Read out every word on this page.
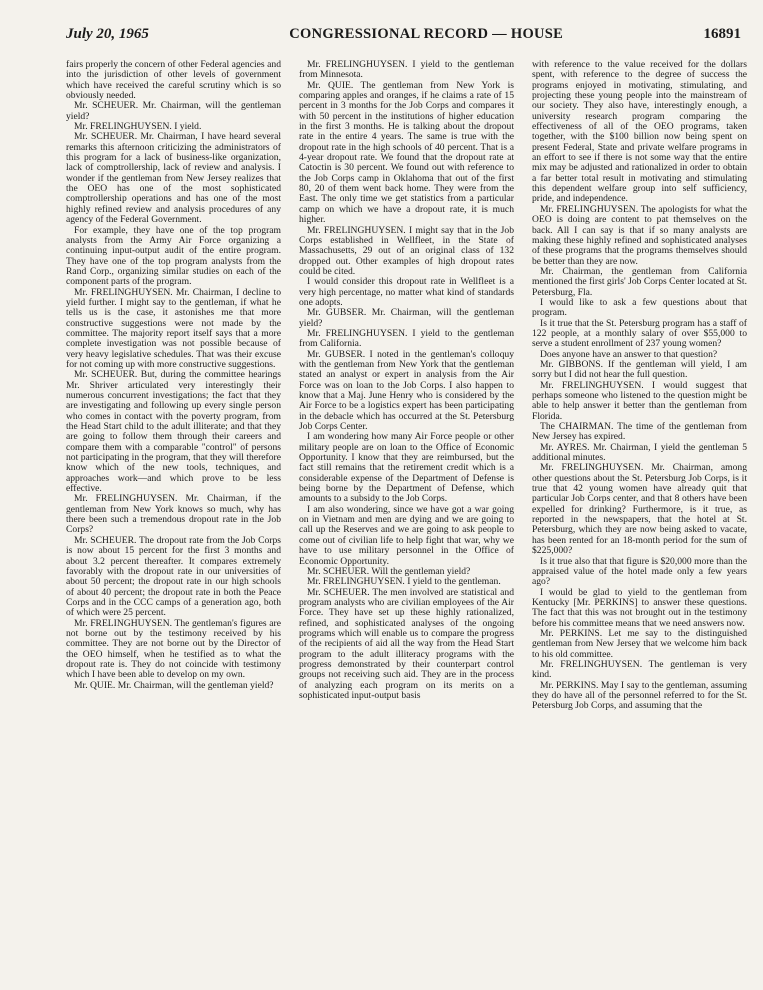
July 20, 1965	CONGRESSIONAL RECORD — HOUSE	16891

fairs properly the concern of other Federal agencies and into the jurisdiction of other levels of government which have received the careful scrutiny which is so obviously needed.

Mr. SCHEUER. Mr. Chairman, will the gentleman yield?

Mr. FRELINGHUYSEN. I yield.

Mr. SCHEUER. Mr. Chairman, I have heard several remarks this afternoon criticizing the administrators of this program for a lack of business-like organization, lack of comptrollership, lack of review and analysis. I wonder if the gentleman from New Jersey realizes that the OEO has one of the most sophisticated comptrollership operations and has one of the most highly refined review and analysis procedures of any agency of the Federal Government.

For example, they have one of the top program analysts from the Army Air Force organizing a continuing input-output audit of the entire program. They have one of the top program analysts from the Rand Corp., organizing similar studies on each of the component parts of the program.

Mr. FRELINGHUYSEN. Mr. Chairman, I decline to yield further. I might say to the gentleman, if what he tells us is the case, it astonishes me that more constructive suggestions were not made by the committee. The majority report itself says that a more complete investigation was not possible because of very heavy legislative schedules. That was their excuse for not coming up with more constructive suggestions.

Mr. SCHEUER. But, during the committee hearings Mr. Shriver articulated very interestingly their numerous concurrent investigations; the fact that they are investigating and following up every single person who comes in contact with the poverty program, from the Head Start child to the adult illiterate; and that they are going to follow them through their careers and compare them with a comparable "control" of persons not participating in the program, that they will therefore know which of the new tools, techniques, and approaches work—and which prove to be less effective.

Mr. FRELINGHUYSEN. Mr. Chairman, if the gentleman from New York knows so much, why has there been such a tremendous dropout rate in the Job Corps?

Mr. SCHEUER. The dropout rate from the Job Corps is now about 15 percent for the first 3 months and about 3.2 percent thereafter. It compares extremely favorably with the dropout rate in our universities of about 50 percent; the dropout rate in our high schools of about 40 percent; the dropout rate in both the Peace Corps and in the CCC camps of a generation ago, both of which were 25 percent.

Mr. FRELINGHUYSEN. The gentleman's figures are not borne out by the testimony received by his committee. They are not borne out by the Director of the OEO himself, when he testified as to what the dropout rate is. They do not coincide with testimony which I have been able to develop on my own.

Mr. QUIE. Mr. Chairman, will the gentleman yield?

Mr. FRELINGHUYSEN. I yield to the gentleman from Minnesota.

Mr. QUIE. The gentleman from New York is comparing apples and oranges, if he claims a rate of 15 percent in 3 months for the Job Corps and compares it with 50 percent in the institutions of higher education in the first 3 months. He is talking about the dropout rate in the entire 4 years. The same is true with the dropout rate in the high schools of 40 percent. That is a 4-year dropout rate. We found that the dropout rate at Catoctin is 30 percent. We found out with reference to the Job Corps camp in Oklahoma that out of the first 80, 20 of them went back home. They were from the East. The only time we get statistics from a particular camp on which we have a dropout rate, it is much higher.

Mr. FRELINGHUYSEN. I might say that in the Job Corps established in Wellfleet, in the State of Massachusetts, 29 out of an original class of 132 dropped out. Other examples of high dropout rates could be cited.

I would consider this dropout rate in Wellfleet is a very high percentage, no matter what kind of standards one adopts.

Mr. GUBSER. Mr. Chairman, will the gentleman yield?

Mr. FRELINGHUYSEN. I yield to the gentleman from California.

Mr. GUBSER. I noted in the gentleman's colloquy with the gentleman from New York that the gentleman stated an analyst or expert in analysis from the Air Force was on loan to the Job Corps. I also happen to know that a Maj. June Henry who is considered by the Air Force to be a logistics expert has been participating in the debacle which has occurred at the St. Petersburg Job Corps Center.

I am wondering how many Air Force people or other military people are on loan to the Office of Economic Opportunity. I know that they are reimbursed, but the fact still remains that the retirement credit which is a considerable expense of the Department of Defense is being borne by the Department of Defense, which amounts to a subsidy to the Job Corps.

I am also wondering, since we have got a war going on in Vietnam and men are dying and we are going to call up the Reserves and we are going to ask people to come out of civilian life to help fight that war, why we have to use military personnel in the Office of Economic Opportunity.

Mr. SCHEUER. Will the gentleman yield?

Mr. FRELINGHUYSEN. I yield to the gentleman.

Mr. SCHEUER. The men involved are statistical and program analysts who are civilian employees of the Air Force. They have set up these highly rationalized, refined, and sophisticated analyses of the ongoing programs which will enable us to compare the progress of the recipients of aid all the way from the Head Start program to the adult illiteracy programs with the progress demonstrated by their counterpart control groups not receiving such aid. They are in the process of analyzing each program on its merits on a sophisticated input-output basis

with reference to the value received for the dollars spent, with reference to the degree of success the programs enjoyed in motivating, stimulating, and projecting these young people into the mainstream of our society. They also have, interestingly enough, a university research program comparing the effectiveness of all of the OEO programs, taken together, with the $100 billion now being spent on present Federal, State and private welfare programs in an effort to see if there is not some way that the entire mix may be adjusted and rationalized in order to obtain a far better total result in motivating and stimulating this dependent welfare group into self sufficiency, pride, and independence.

Mr. FRELINGHUYSEN. The apologists for what the OEO is doing are content to pat themselves on the back. All I can say is that if so many analysts are making these highly refined and sophisticated analyses of these programs that the programs themselves should be better than they are now.

Mr. Chairman, the gentleman from California mentioned the first girls' Job Corps Center located at St. Petersburg, Fla.

I would like to ask a few questions about that program.

Is it true that the St. Petersburg program has a staff of 122 people, at a monthly salary of over $55,000 to serve a student enrollment of 237 young women?

Does anyone have an answer to that question?

Mr. GIBBONS. If the gentleman will yield, I am sorry but I did not hear the full question.

Mr. FRELINGHUYSEN. I would suggest that perhaps someone who listened to the question might be able to help answer it better than the gentleman from Florida.

The CHAIRMAN. The time of the gentleman from New Jersey has expired.

Mr. AYRES. Mr. Chairman, I yield the gentleman 5 additional minutes.

Mr. FRELINGHUYSEN. Mr. Chairman, among other questions about the St. Petersburg Job Corps, is it true that 42 young women have already quit that particular Job Corps center, and that 8 others have been expelled for drinking? Furthermore, is it true, as reported in the newspapers, that the hotel at St. Petersburg, which they are now being asked to vacate, has been rented for an 18-month period for the sum of $225,000?

Is it true also that that figure is $20,000 more than the appraised value of the hotel made only a few years ago?

I would be glad to yield to the gentleman from Kentucky [Mr. PERKINS] to answer these questions. The fact that this was not brought out in the testimony before his committee means that we need answers now.

Mr. PERKINS. Let me say to the distinguished gentleman from New Jersey that we welcome him back to his old committee.

Mr. FRELINGHUYSEN. The gentleman is very kind.

Mr. PERKINS. May I say to the gentleman, assuming they do have all of the personnel referred to for the St. Petersburg Job Corps, and assuming that the
